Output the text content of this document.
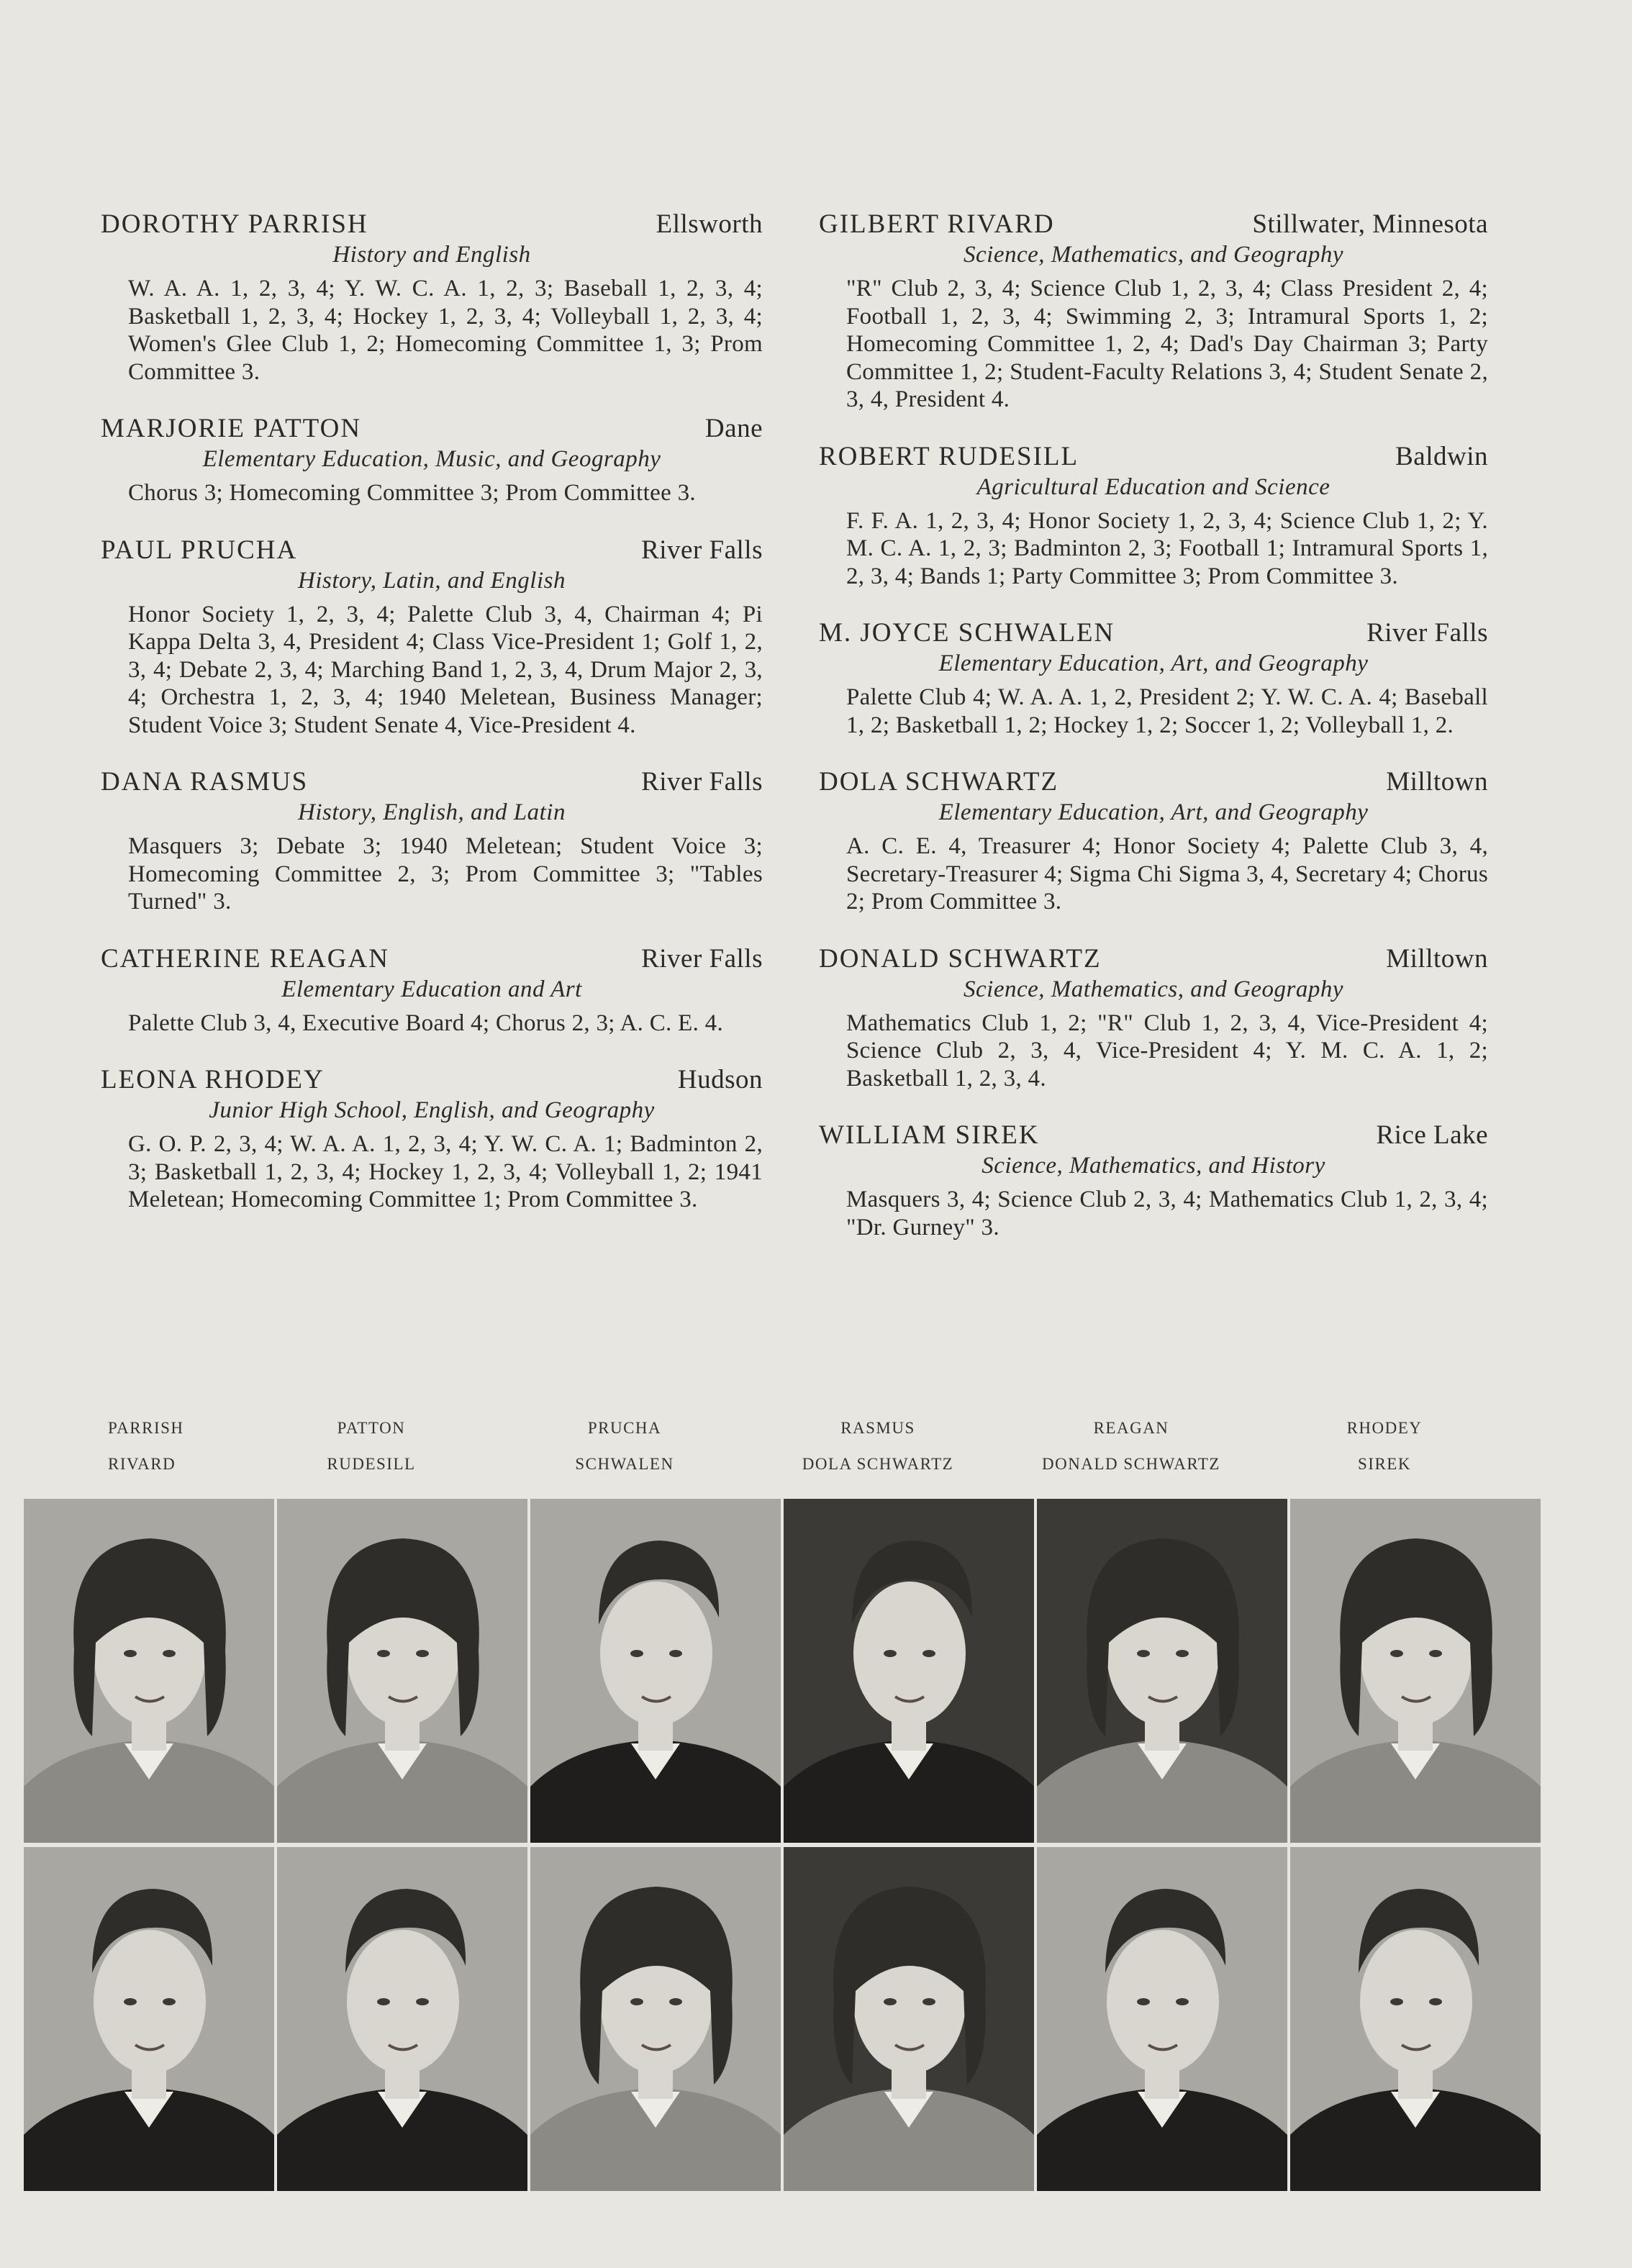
DOROTHY PARRISH	Ellsworth
History and English
W. A. A. 1, 2, 3, 4; Y. W. C. A. 1, 2, 3; Baseball 1, 2, 3, 4; Basketball 1, 2, 3, 4; Hockey 1, 2, 3, 4; Volleyball 1, 2, 3, 4; Women's Glee Club 1, 2; Homecoming Committee 1, 3; Prom Committee 3.
MARJORIE PATTON	Dane
Elementary Education, Music, and Geography
Chorus 3; Homecoming Committee 3; Prom Committee 3.
PAUL PRUCHA	River Falls
History, Latin, and English
Honor Society 1, 2, 3, 4; Palette Club 3, 4, Chairman 4; Pi Kappa Delta 3, 4, President 4; Class Vice-President 1; Golf 1, 2, 3, 4; Debate 2, 3, 4; Marching Band 1, 2, 3, 4, Drum Major 2, 3, 4; Orchestra 1, 2, 3, 4; 1940 Meletean, Business Manager; Student Voice 3; Student Senate 4, Vice-President 4.
DANA RASMUS	River Falls
History, English, and Latin
Masquers 3; Debate 3; 1940 Meletean; Student Voice 3; Homecoming Committee 2, 3; Prom Committee 3; "Tables Turned" 3.
CATHERINE REAGAN	River Falls
Elementary Education and Art
Palette Club 3, 4, Executive Board 4; Chorus 2, 3; A. C. E. 4.
LEONA RHODEY	Hudson
Junior High School, English, and Geography
G. O. P. 2, 3, 4; W. A. A. 1, 2, 3, 4; Y. W. C. A. 1; Badminton 2, 3; Basketball 1, 2, 3, 4; Hockey 1, 2, 3, 4; Volleyball 1, 2; 1941 Meletean; Homecoming Committee 1; Prom Committee 3.
GILBERT RIVARD	Stillwater, Minnesota
Science, Mathematics, and Geography
"R" Club 2, 3, 4; Science Club 1, 2, 3, 4; Class President 2, 4; Football 1, 2, 3, 4; Swimming 2, 3; Intramural Sports 1, 2; Homecoming Committee 1, 2, 4; Dad's Day Chairman 3; Party Committee 1, 2; Student-Faculty Relations 3, 4; Student Senate 2, 3, 4, President 4.
ROBERT RUDESILL	Baldwin
Agricultural Education and Science
F. F. A. 1, 2, 3, 4; Honor Society 1, 2, 3, 4; Science Club 1, 2; Y. M. C. A. 1, 2, 3; Badminton 2, 3; Football 1; Intramural Sports 1, 2, 3, 4; Bands 1; Party Committee 3; Prom Committee 3.
M. JOYCE SCHWALEN	River Falls
Elementary Education, Art, and Geography
Palette Club 4; W. A. A. 1, 2, President 2; Y. W. C. A. 4; Baseball 1, 2; Basketball 1, 2; Hockey 1, 2; Soccer 1, 2; Volleyball 1, 2.
DOLA SCHWARTZ	Milltown
Elementary Education, Art, and Geography
A. C. E. 4, Treasurer 4; Honor Society 4; Palette Club 3, 4, Secretary-Treasurer 4; Sigma Chi Sigma 3, 4, Secretary 4; Chorus 2; Prom Committee 3.
DONALD SCHWARTZ	Milltown
Science, Mathematics, and Geography
Mathematics Club 1, 2; "R" Club 1, 2, 3, 4, Vice-President 4; Science Club 2, 3, 4, Vice-President 4; Y. M. C. A. 1, 2; Basketball 1, 2, 3, 4.
WILLIAM SIREK	Rice Lake
Science, Mathematics, and History
Masquers 3, 4; Science Club 2, 3, 4; Mathematics Club 1, 2, 3, 4; "Dr. Gurney" 3.
PARRISH	PATTON	PRUCHA	RASMUS	REAGAN	RHODEY
RIVARD	RUDESILL	SCHWALEN	DOLA SCHWARTZ	DONALD SCHWARTZ	SIREK
